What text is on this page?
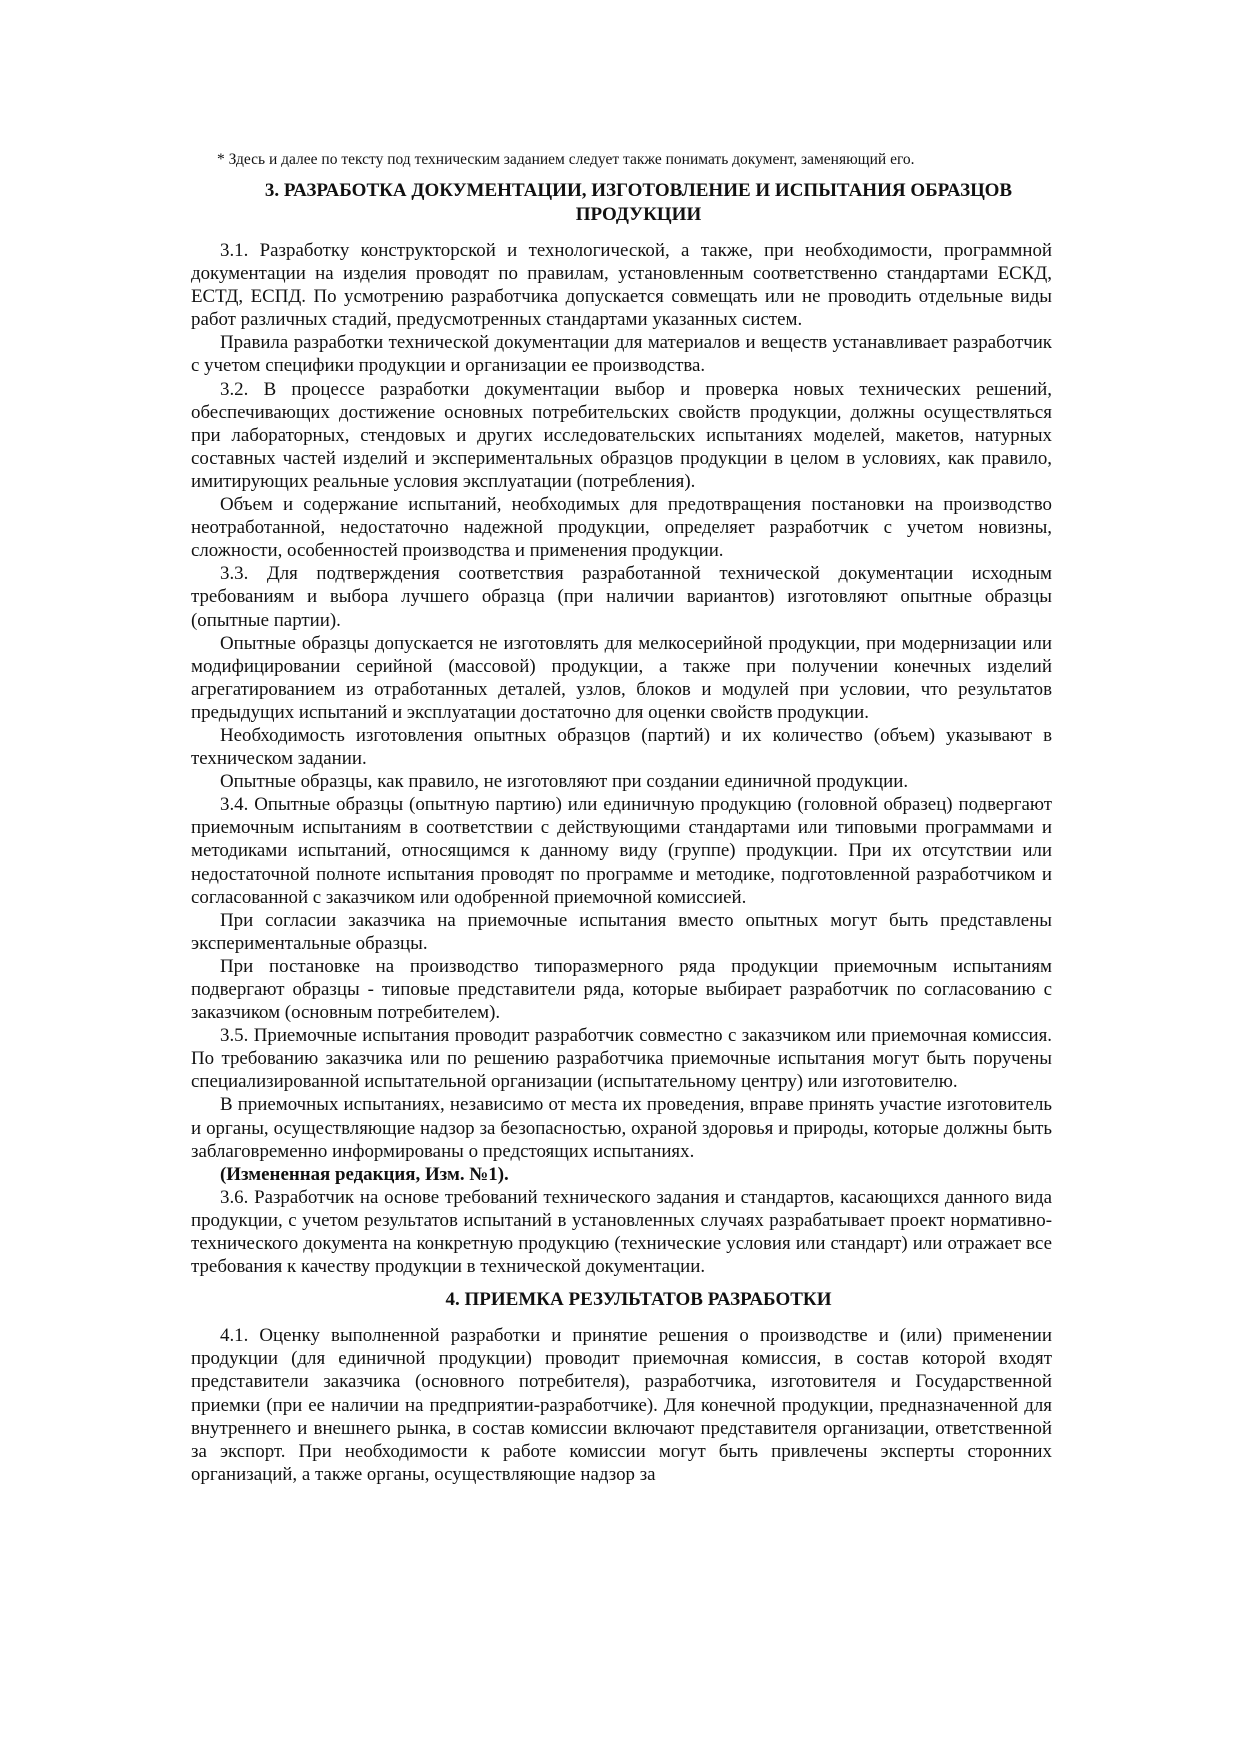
* Здесь и далее по тексту под техническим заданием следует также понимать документ, заменяющий его.
3. РАЗРАБОТКА ДОКУМЕНТАЦИИ, ИЗГОТОВЛЕНИЕ И ИСПЫТАНИЯ ОБРАЗЦОВ ПРОДУКЦИИ

3.1. Разработку конструкторской и технологической, а также, при необходимости, программной документации на изделия проводят по правилам, установленным соответственно стандартами ЕСКД, ЕСТД, ЕСПД. По усмотрению разработчика допускается совмещать или не проводить отдельные виды работ различных стадий, предусмотренных стандартами указанных систем.

Правила разработки технической документации для материалов и веществ устанавливает разработчик с учетом специфики продукции и организации ее производства.

3.2. В процессе разработки документации выбор и проверка новых технических решений, обеспечивающих достижение основных потребительских свойств продукции, должны осуществляться при лабораторных, стендовых и других исследовательских испытаниях моделей, макетов, натурных составных частей изделий и экспериментальных образцов продукции в целом в условиях, как правило, имитирующих реальные условия эксплуатации (потребления).

Объем и содержание испытаний, необходимых для предотвращения постановки на производство неотработанной, недостаточно надежной продукции, определяет разработчик с учетом новизны, сложности, особенностей производства и применения продукции.

3.3. Для подтверждения соответствия разработанной технической документации исходным требованиям и выбора лучшего образца (при наличии вариантов) изготовляют опытные образцы (опытные партии).

Опытные образцы допускается не изготовлять для мелкосерийной продукции, при модернизации или модифицировании серийной (массовой) продукции, а также при получении конечных изделий агрегатированием из отработанных деталей, узлов, блоков и модулей при условии, что результатов предыдущих испытаний и эксплуатации достаточно для оценки свойств продукции.

Необходимость изготовления опытных образцов (партий) и их количество (объем) указывают в техническом задании.

Опытные образцы, как правило, не изготовляют при создании единичной продукции.

3.4. Опытные образцы (опытную партию) или единичную продукцию (головной образец) подвергают приемочным испытаниям в соответствии с действующими стандартами или типовыми программами и методиками испытаний, относящимся к данному виду (группе) продукции. При их отсутствии или недостаточной полноте испытания проводят по программе и методике, подготовленной разработчиком и согласованной с заказчиком или одобренной приемочной комиссией.

При согласии заказчика на приемочные испытания вместо опытных могут быть представлены экспериментальные образцы.

При постановке на производство типоразмерного ряда продукции приемочным испытаниям подвергают образцы - типовые представители ряда, которые выбирает разработчик по согласованию с заказчиком (основным потребителем).

3.5. Приемочные испытания проводит разработчик совместно с заказчиком или приемочная комиссия. По требованию заказчика или по решению разработчика приемочные испытания могут быть поручены специализированной испытательной организации (испытательному центру) или изготовителю.

В приемочных испытаниях, независимо от места их проведения, вправе принять участие изготовитель и органы, осуществляющие надзор за безопасностью, охраной здоровья и природы, которые должны быть заблаговременно информированы о предстоящих испытаниях.

(Измененная редакция, Изм. №1).

3.6. Разработчик на основе требований технического задания и стандартов, касающихся данного вида продукции, с учетом результатов испытаний в установленных случаях разрабатывает проект нормативно-технического документа на конкретную продукцию (технические условия или стандарт) или отражает все требования к качеству продукции в технической документации.

4. ПРИЕМКА РЕЗУЛЬТАТОВ РАЗРАБОТКИ

4.1. Оценку выполненной разработки и принятие решения о производстве и (или) применении продукции (для единичной продукции) проводит приемочная комиссия, в состав которой входят представители заказчика (основного потребителя), разработчика, изготовителя и Государственной приемки (при ее наличии на предприятии-разработчике). Для конечной продукции, предназначенной для внутреннего и внешнего рынка, в состав комиссии включают представителя организации, ответственной за экспорт. При необходимости к работе комиссии могут быть привлечены эксперты сторонних организаций, а также органы, осуществляющие надзор за
